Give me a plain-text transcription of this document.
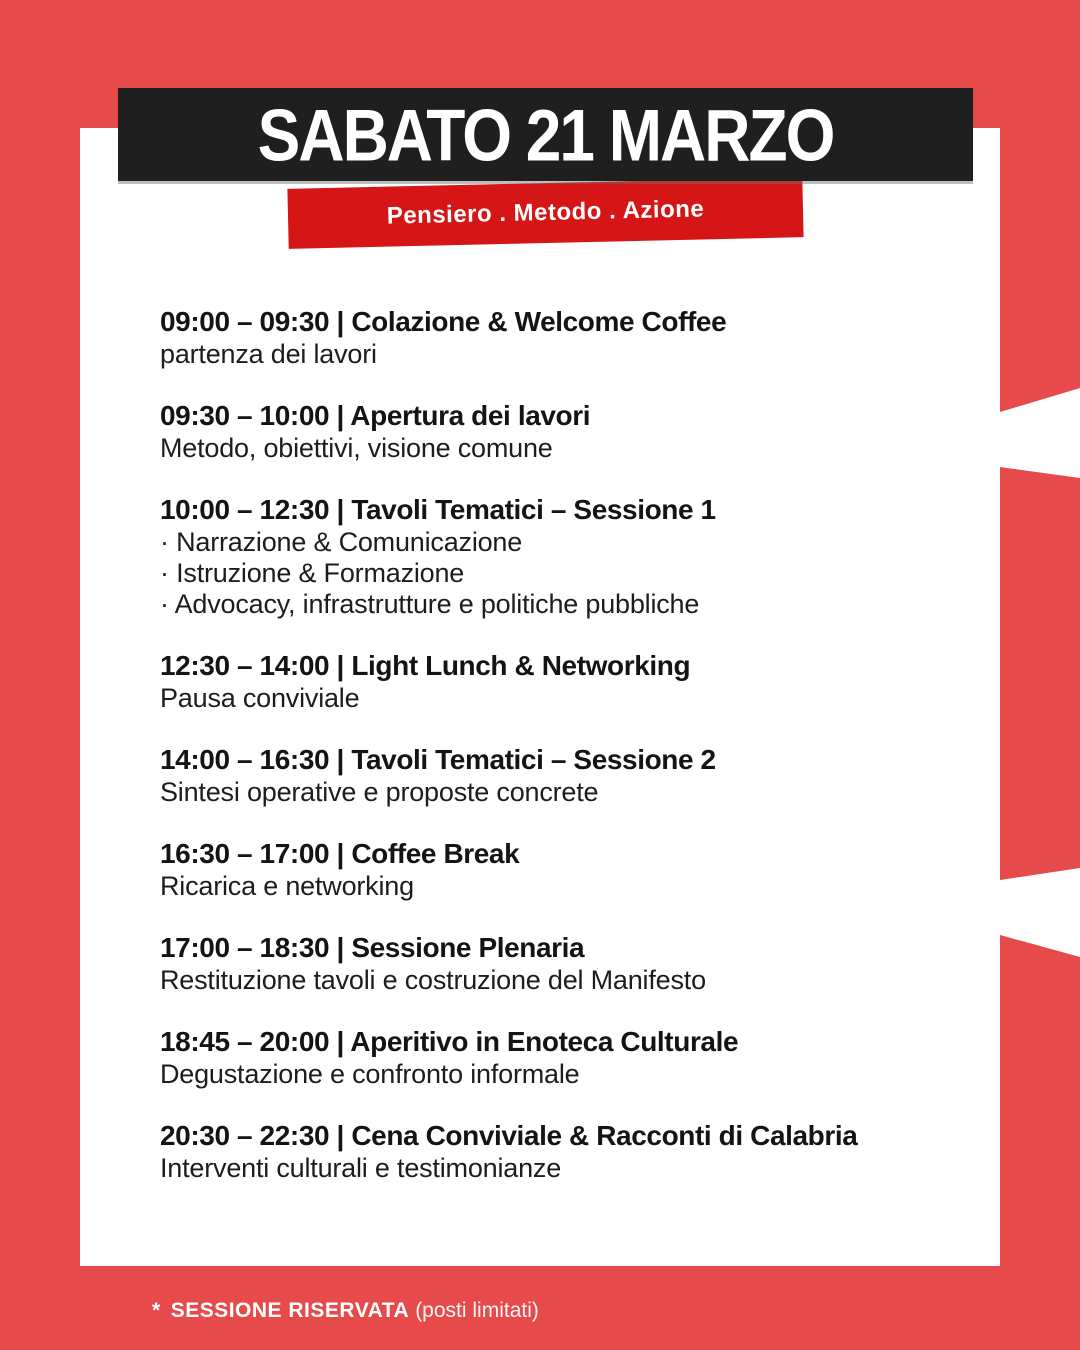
SABATO 21 MARZO
Pensiero . Metodo . Azione
09:00 – 09:30 | Colazione & Welcome Coffee
partenza dei lavori
09:30 – 10:00 | Apertura dei lavori
Metodo, obiettivi, visione comune
10:00 – 12:30 | Tavoli Tematici – Sessione 1
· Narrazione & Comunicazione
· Istruzione & Formazione
· Advocacy, infrastrutture e politiche pubbliche
12:30 – 14:00 | Light Lunch & Networking
Pausa conviviale
14:00 – 16:30 | Tavoli Tematici – Sessione 2
Sintesi operative e proposte concrete
16:30 – 17:00 | Coffee Break
Ricarica e networking
17:00 – 18:30 | Sessione Plenaria
Restituzione tavoli e costruzione del Manifesto
18:45 – 20:00 | Aperitivo in Enoteca Culturale
Degustazione e confronto informale
20:30 – 22:30 | Cena Conviviale & Racconti di Calabria
Interventi culturali e testimonianze
* SESSIONE RISERVATA (posti limitati)
